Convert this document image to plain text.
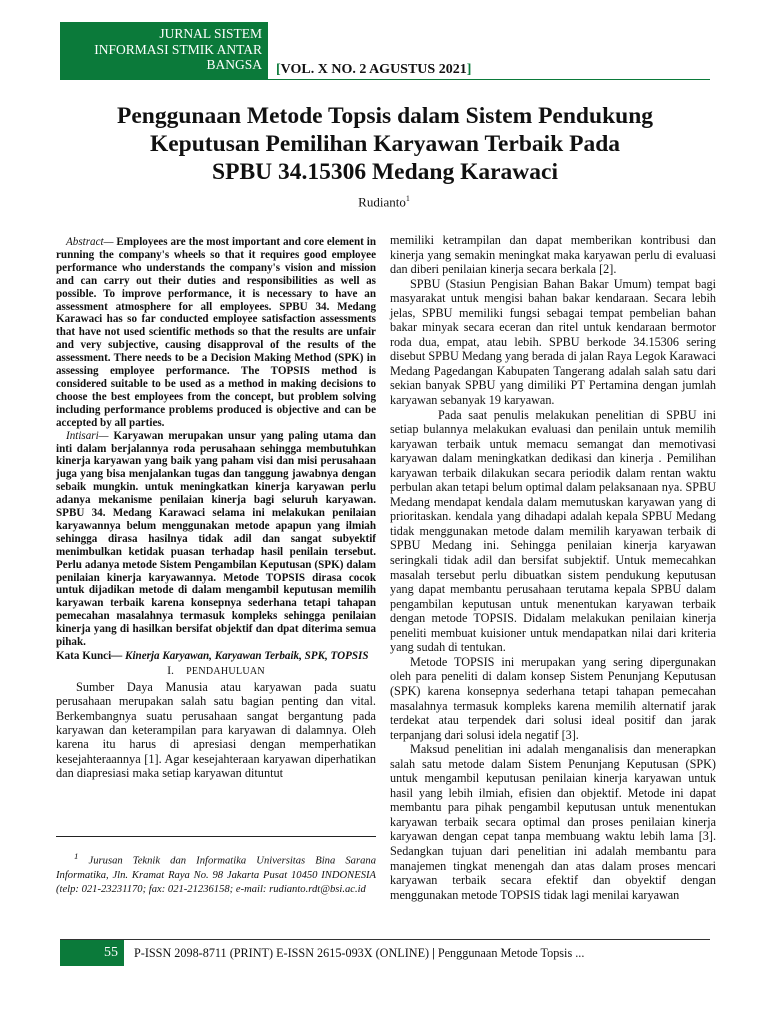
JURNAL SISTEM
INFORMASI STMIK ANTAR
BANGSA [VOL. X NO. 2 AGUSTUS 2021]
Penggunaan Metode Topsis dalam Sistem Pendukung
Keputusan Pemilihan Karyawan Terbaik Pada
SPBU 34.15306 Medang Karawaci
Rudianto$^1$

Abstract— Employees are the most important and core element in running the company's wheels so that it requires good employee performance who understands the company's vision and mission and can carry out their duties and responsibilities as well as possible. To improve performance, it is necessary to have an assessment atmosphere for all employees. SPBU 34. Medang Karawaci has so far conducted employee satisfaction assessments that have not used scientific methods so that the results are unfair and very subjective, causing disapproval of the results of the assessment. There needs to be a Decision Making Method (SPK) in assessing employee performance. The TOPSIS method is considered suitable to be used as a method in making decisions to choose the best employees from the concept, but problem solving including performance problems produced is objective and can be accepted by all parties.

Intisari— Karyawan merupakan unsur yang paling utama dan inti dalam berjalannya roda perusahaan sehingga membutuhkan kinerja karyawan yang baik yang paham visi dan misi perusahaan juga yang bisa menjalankan tugas dan tanggung jawabnya dengan sebaik mungkin. untuk meningkatkan kinerja karyawan perlu adanya mekanisme penilaian kinerja bagi seluruh karyawan. SPBU 34. Medang Karawaci selama ini melakukan penilaian karyawannya belum menggunakan metode apapun yang ilmiah sehingga dirasa hasilnya tidak adil dan sangat subyektif menimbulkan ketidak puasan terhadap hasil penilain tersebut. Perlu adanya metode Sistem Pengambilan Keputusan (SPK) dalam penilaian kinerja karyawannya. Metode TOPSIS dirasa cocok untuk dijadikan metode di dalam mengambil keputusan memilih karyawan terbaik karena konsepnya sederhana tetapi tahapan pemecahan masalahnya termasuk kompleks sehingga penilaian kinerja yang di hasilkan bersifat objektif dan dpat diterima semua pihak.

Kata Kunci— Kinerja Karyawan, Karyawan Terbaik, SPK, TOPSIS

I. PENDAHULUAN

Sumber Daya Manusia atau karyawan pada suatu perusahaan merupakan salah satu bagian penting dan vital. Berkembangnya suatu perusahaan sangat bergantung pada karyawan dan keterampilan para karyawan di dalamnya. Oleh karena itu harus di apresiasi dengan memperhatikan kesejahteraannya [1]. Agar kesejahteraan karyawan diperhatikan dan diapresiasi maka setiap karyawan dituntut

$^1$ Jurusan Teknik dan Informatika Universitas Bina Sarana Informatika, Jln. Kramat Raya No. 98 Jakarta Pusat 10450 INDONESIA (telp: 021-23231170; fax: 021-21236158; e-mail: rudianto.rdt@bsi.ac.id

memiliki ketrampilan dan dapat memberikan kontribusi dan kinerja yang semakin meningkat maka karyawan perlu di evaluasi dan diberi penilaian kinerja secara berkala [2].

SPBU (Stasiun Pengisian Bahan Bakar Umum) tempat bagi masyarakat untuk mengisi bahan bakar kendaraan. Secara lebih jelas, SPBU memiliki fungsi sebagai tempat pembelian bahan bakar minyak secara eceran dan ritel untuk kendaraan bermotor roda dua, empat, atau lebih. SPBU berkode 34.15306 sering disebut SPBU Medang yang berada di jalan Raya Legok Karawaci Medang Pagedangan Kabupaten Tangerang adalah salah satu dari sekian banyak SPBU yang dimiliki PT Pertamina dengan jumlah karyawan sebanyak 19 karyawan.

Pada saat penulis melakukan penelitian di SPBU ini setiap bulannya melakukan evaluasi dan penilain untuk memilih karyawan terbaik untuk memacu semangat dan memotivasi karyawan dalam meningkatkan dedikasi dan kinerja . Pemilihan karyawan terbaik dilakukan secara periodik dalam rentan waktu perbulan akan tetapi belum optimal dalam pelaksanaan nya. SPBU Medang mendapat kendala dalam memutuskan karyawan yang di prioritaskan. kendala yang dihadapi adalah kepala SPBU Medang tidak menggunakan metode dalam memilih karyawan terbaik di SPBU Medang ini. Sehingga penilaian kinerja karyawan seringkali tidak adil dan bersifat subjektif. Untuk memecahkan masalah tersebut perlu dibuatkan sistem pendukung keputusan yang dapat membantu perusahaan terutama kepala SPBU dalam pengambilan keputusan untuk menentukan karyawan terbaik dengan metode TOPSIS. Didalam melakukan penilaian kinerja peneliti membuat kuisioner untuk mendapatkan nilai dari kriteria yang sudah di tentukan.

Metode TOPSIS ini merupakan yang sering dipergunakan oleh para peneliti di dalam konsep Sistem Penunjang Keputusan (SPK) karena konsepnya sederhana tetapi tahapan pemecahan masalahnya termasuk kompleks karena memilih alternatif jarak terdekat atau terpendek dari solusi ideal positif dan jarak terpanjang dari solusi idela negatif [3].

Maksud penelitian ini adalah menganalisis dan menerapkan salah satu metode dalam Sistem Penunjang Keputusan (SPK) untuk mengambil keputusan penilaian kinerja karyawan untuk hasil yang lebih ilmiah, efisien dan objektif. Metode ini dapat membantu para pihak pengambil keputusan untuk menentukan karyawan terbaik secara optimal dan proses penilaian kinerja karyawan dengan cepat tanpa membuang waktu lebih lama [3]. Sedangkan tujuan dari penelitian ini adalah membantu para manajemen tingkat menengah dan atas dalam proses mencari karyawan terbaik secara efektif dan obyektif dengan menggunakan metode TOPSIS tidak lagi menilai karyawan

55	P-ISSN 2098-8711 (PRINT) E-ISSN 2615-093X (ONLINE) | Penggunaan Metode Topsis ...
